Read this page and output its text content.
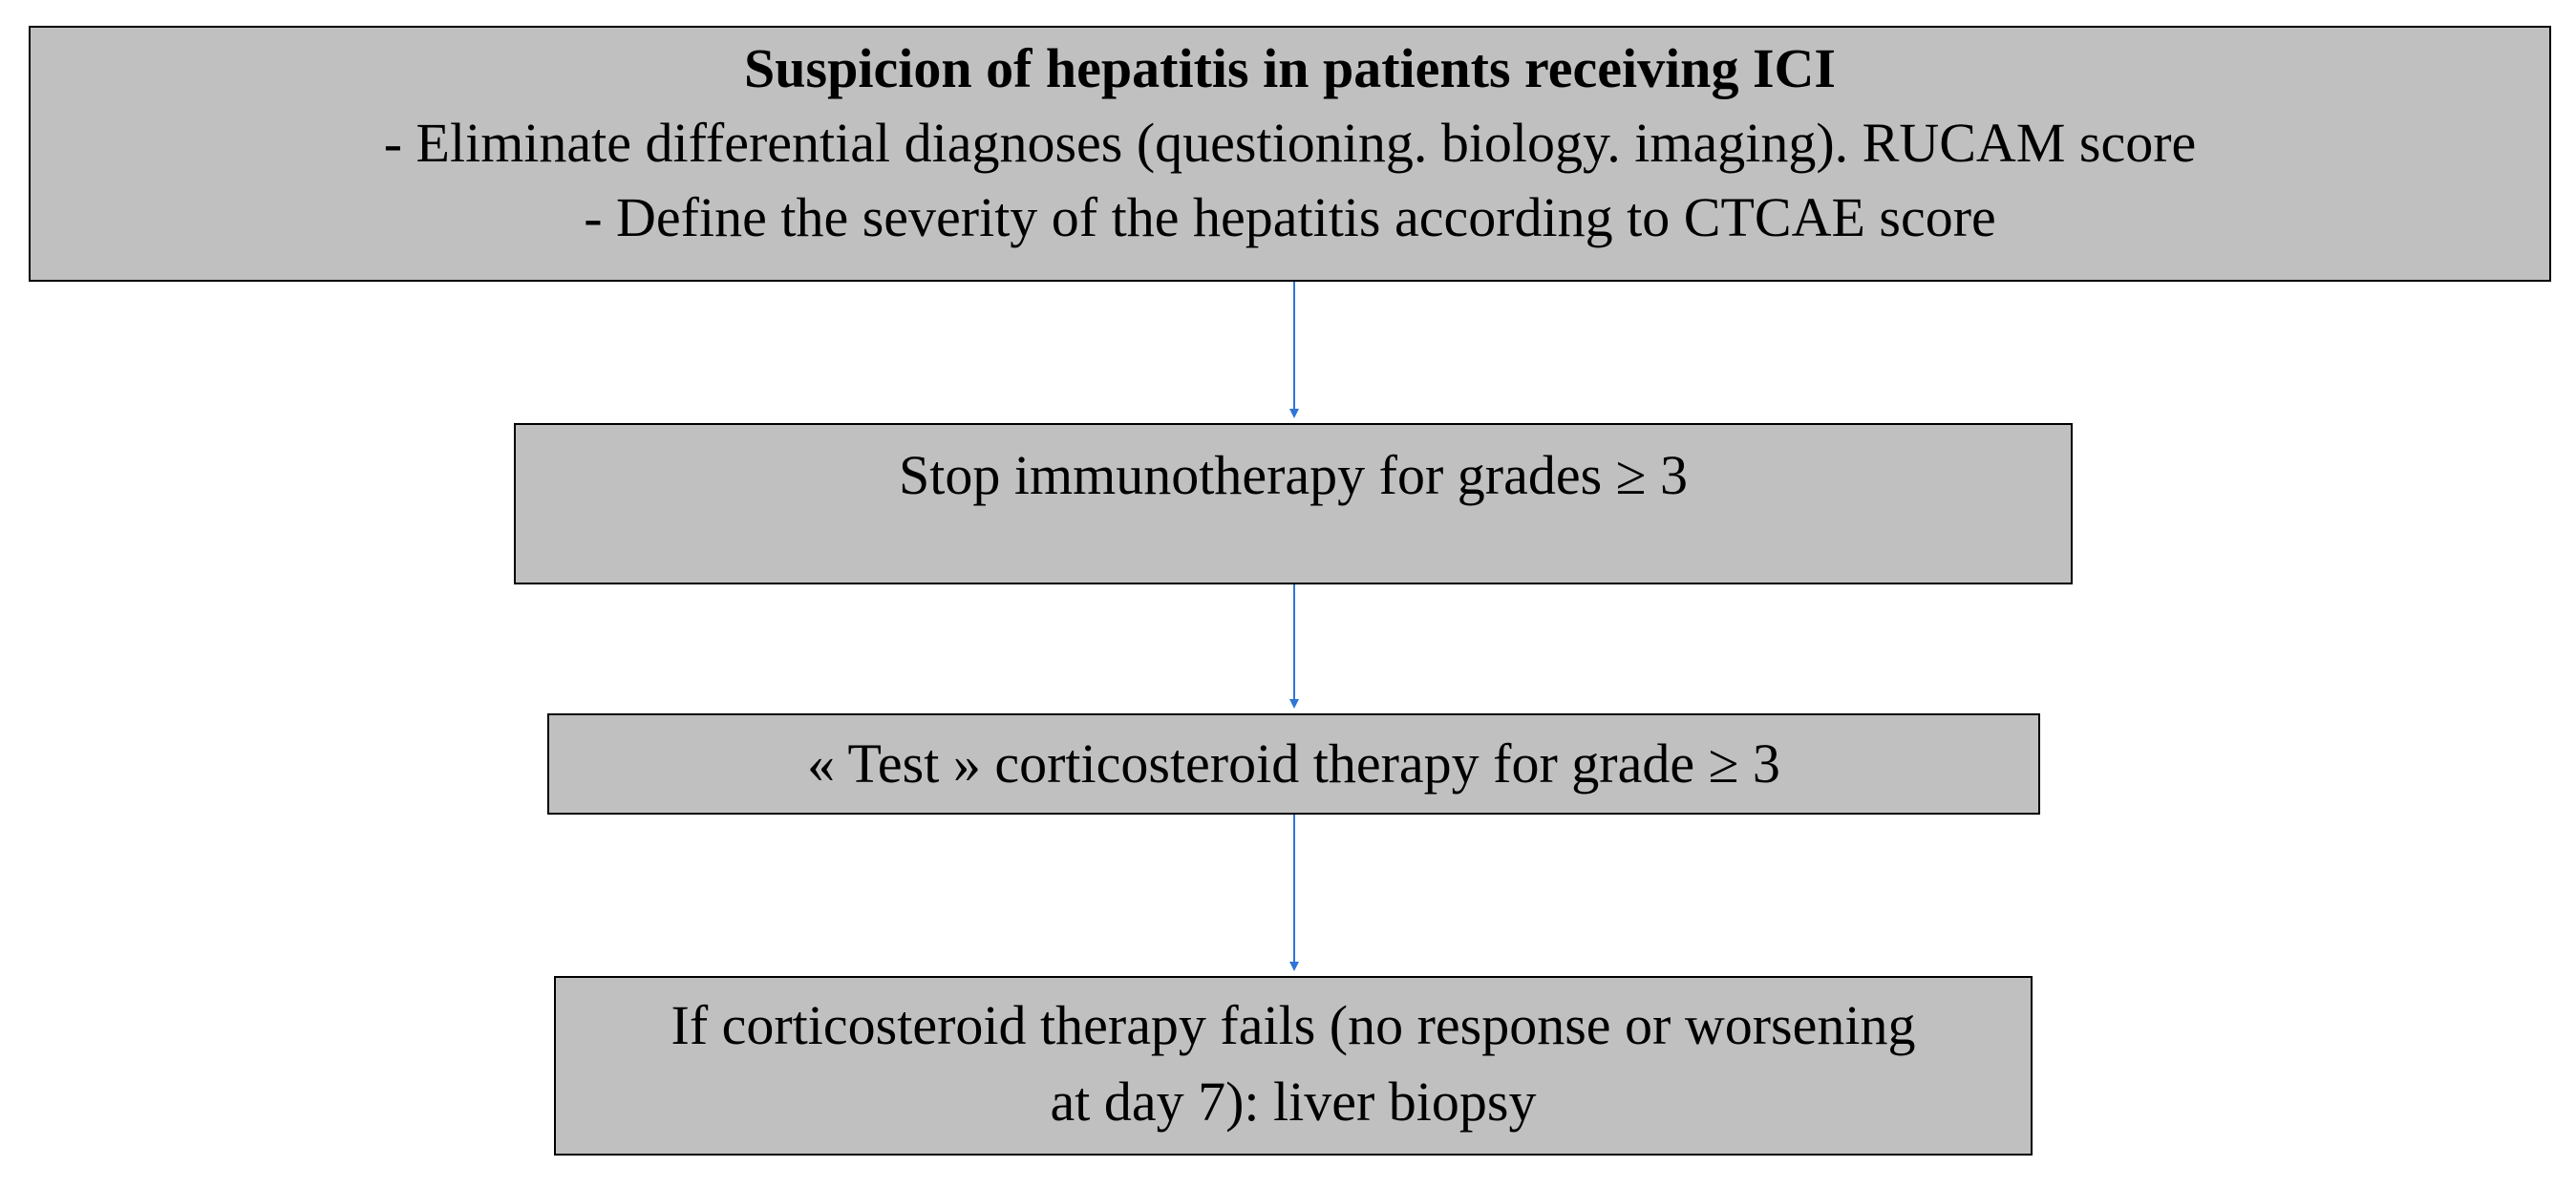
Suspicion of hepatitis in patients receiving ICI
- Eliminate differential diagnoses (questioning. biology. imaging). RUCAM score
- Define the severity of the hepatitis according to CTCAE score
Stop immunotherapy for grades ≥ 3
« Test » corticosteroid therapy for grade ≥ 3
If corticosteroid therapy fails (no response or worsening
at day 7): liver biopsy
